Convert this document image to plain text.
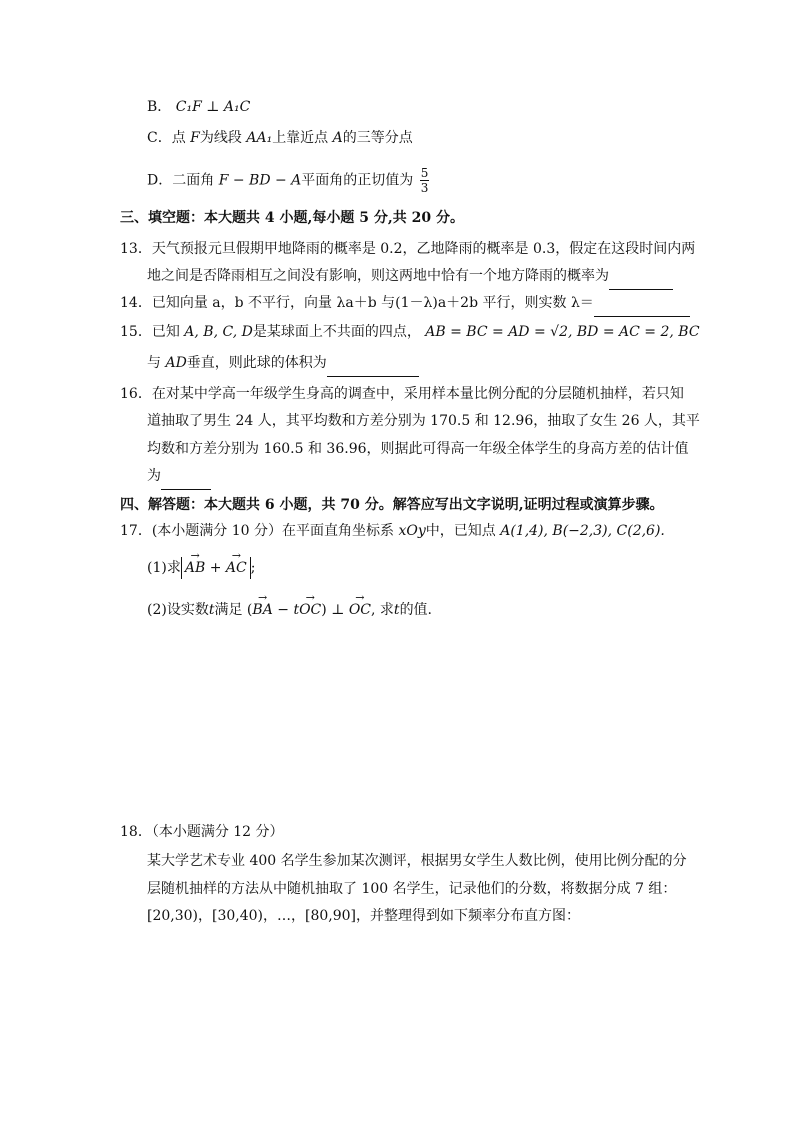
B． C₁F ⊥ A₁C
C．点 F为线段 AA₁上靠近点 A的三等分点
D．二面角 F − BD − A平面角的正切值为 $\frac{5}{3}$
三、填空题：本大题共 4 小题,每小题 5 分,共 20 分。
13．天气预报元旦假期甲地降雨的概率是 0.2，乙地降雨的概率是 0.3，假定在这段时间内两
地之间是否降雨相互之间没有影响，则这两地中恰有一个地方降雨的概率为
14．已知向量 a，b 不平行，向量 λa＋b 与(1－λ)a＋2b 平行，则实数 λ＝
15．已知 A, B, C, D是某球面上不共面的四点， AB = BC = AD = √2, BD = AC = 2, BC
与 AD垂直，则此球的体积为
16．在对某中学高一年级学生身高的调查中，采用样本量比例分配的分层随机抽样，若只知
道抽取了男生 24 人，其平均数和方差分别为 170.5 和 12.96，抽取了女生 26 人，其平
均数和方差分别为 160.5 和 36.96，则据此可得高一年级全体学生的身高方差的估计值
为
四、解答题：本大题共 6 小题，共 70 分。解答应写出文字说明,证明过程或演算步骤。
17．(本小题满分 10 分）在平面直角坐标系 xOy中，已知点 A(1,4), B(−2,3), C(2,6).
(1)求→ AB + → AC ;
(2)设实数t满足 (→ BA − t→ OC) ⊥ → OC, 求t的值.
18．（本小题满分 12 分）
某大学艺术专业 400 名学生参加某次测评，根据男女学生人数比例，使用比例分配的分
层随机抽样的方法从中随机抽取了 100 名学生，记录他们的分数，将数据分成 7 组：
[20,30)，[30,40)，…，[80,90]，并整理得到如下频率分布直方图：
